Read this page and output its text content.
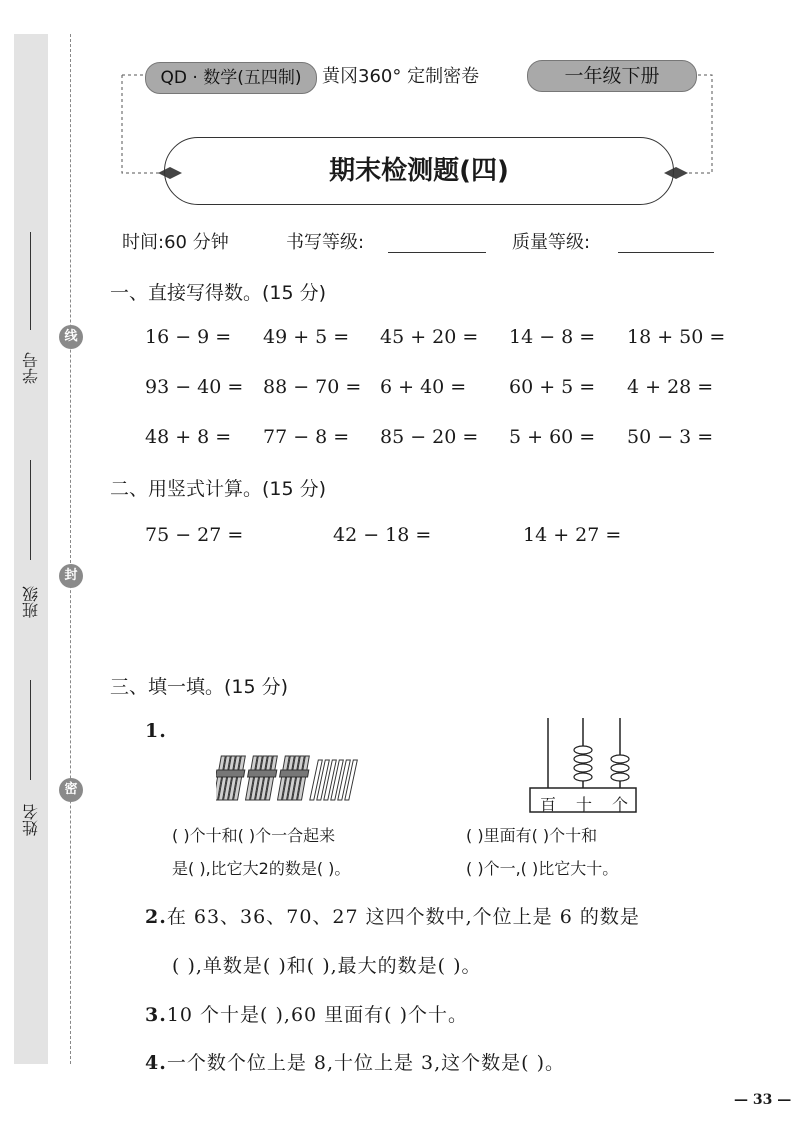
线
封
密
学号
班级
姓名
QD · 数学(五四制)	黄冈360° 定制密卷	一年级下册
期末检测题(四)
时间:60 分钟	书写等级:	质量等级:
一、直接写得数。(15 分)
16 − 9 = 49 + 5 = 45 + 20 = 14 − 8 = 18 + 50 =
93 − 40 = 88 − 70 = 6 + 40 = 60 + 5 = 4 + 28 =
48 + 8 = 77 − 8 = 85 − 20 = 5 + 60 = 50 − 3 =
二、用竖式计算。(15 分)
75 − 27 =	42 − 18 =	14 + 27 =
三、填一填。(15 分)
1.
( )个十和( )个一合起来
是( ),比它大2的数是( )。
百 十 个
( )里面有( )个十和
( )个一,( )比它大十。
2.在 63、36、70、27 这四个数中,个位上是 6 的数是
( ),单数是( )和( ),最大的数是( )。
3.10 个十是( ),60 里面有( )个十。
4.一个数个位上是 8,十位上是 3,这个数是( )。
— 33 —
